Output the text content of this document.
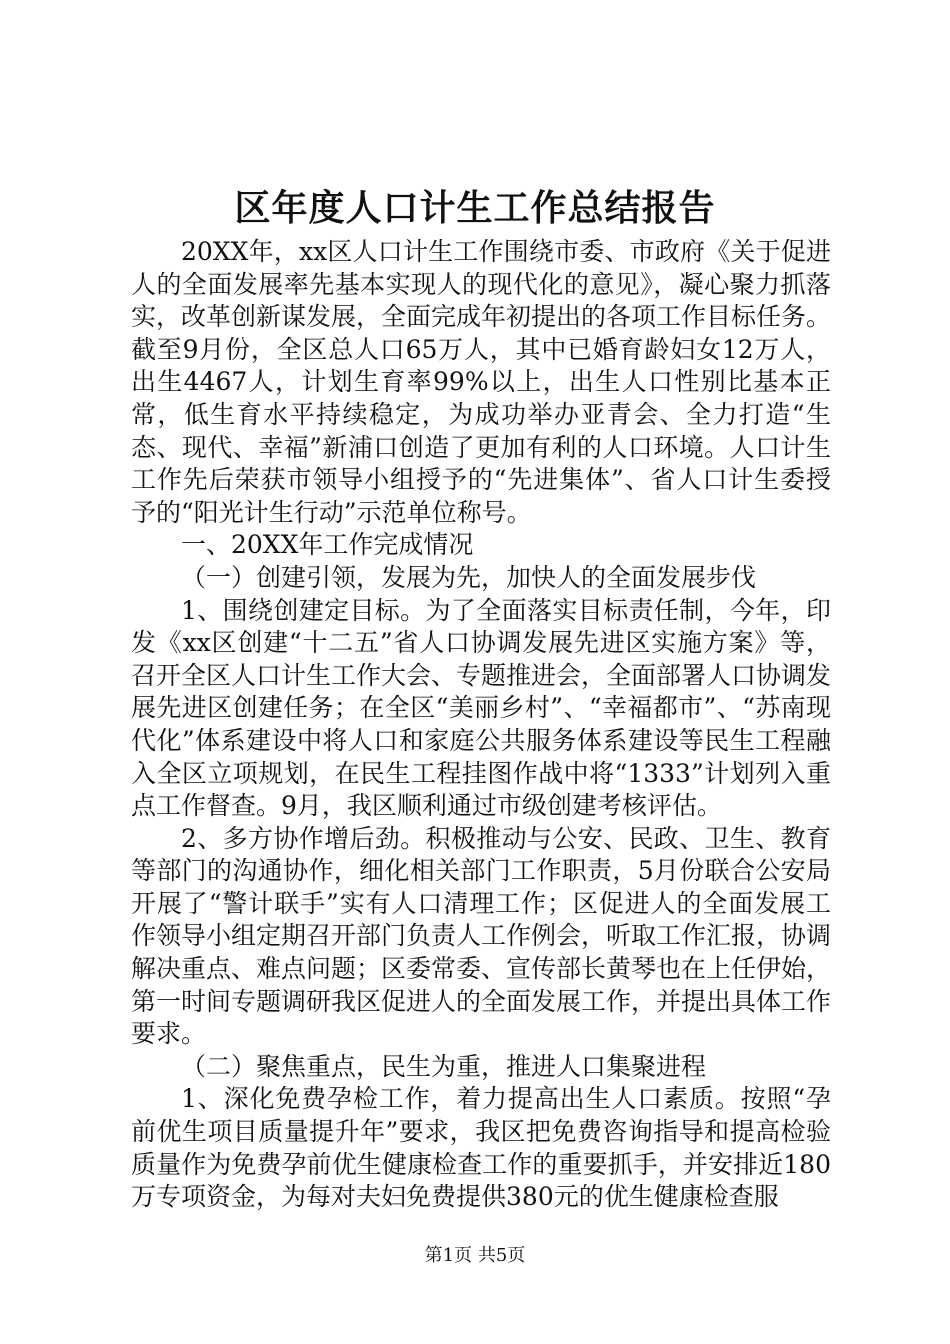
区年度人口计生工作总结报告

20XX年，xx区人口计生工作围绕市委、市政府《关于促进人的全面发展率先基本实现人的现代化的意见》，凝心聚力抓落实，改革创新谋发展，全面完成年初提出的各项工作目标任务。截至9月份，全区总人口65万人，其中已婚育龄妇女12万人，出生4467人，计划生育率99%以上，出生人口性别比基本正常，低生育水平持续稳定，为成功举办亚青会、全力打造“生态、现代、幸福”新浦口创造了更加有利的人口环境。人口计生工作先后荣获市领导小组授予的“先进集体”、省人口计生委授予的“阳光计生行动”示范单位称号。

一、20XX年工作完成情况

（一）创建引领，发展为先，加快人的全面发展步伐

1、围绕创建定目标。为了全面落实目标责任制，今年，印发《xx区创建“十二五”省人口协调发展先进区实施方案》等，召开全区人口计生工作大会、专题推进会，全面部署人口协调发展先进区创建任务；在全区“美丽乡村”、“幸福都市”、“苏南现代化”体系建设中将人口和家庭公共服务体系建设等民生工程融入全区立项规划，在民生工程挂图作战中将“1333”计划列入重点工作督查。9月，我区顺利通过市级创建考核评估。

2、多方协作增后劲。积极推动与公安、民政、卫生、教育等部门的沟通协作，细化相关部门工作职责，5月份联合公安局开展了“警计联手”实有人口清理工作；区促进人的全面发展工作领导小组定期召开部门负责人工作例会，听取工作汇报，协调解决重点、难点问题；区委常委、宣传部长黄琴也在上任伊始，第一时间专题调研我区促进人的全面发展工作，并提出具体工作要求。

（二）聚焦重点，民生为重，推进人口集聚进程

1、深化免费孕检工作，着力提高出生人口素质。按照“孕前优生项目质量提升年”要求，我区把免费咨询指导和提高检验质量作为免费孕前优生健康检查工作的重要抓手，并安排近180万专项资金，为每对夫妇免费提供380元的优生健康检查服

第1页 共5页
